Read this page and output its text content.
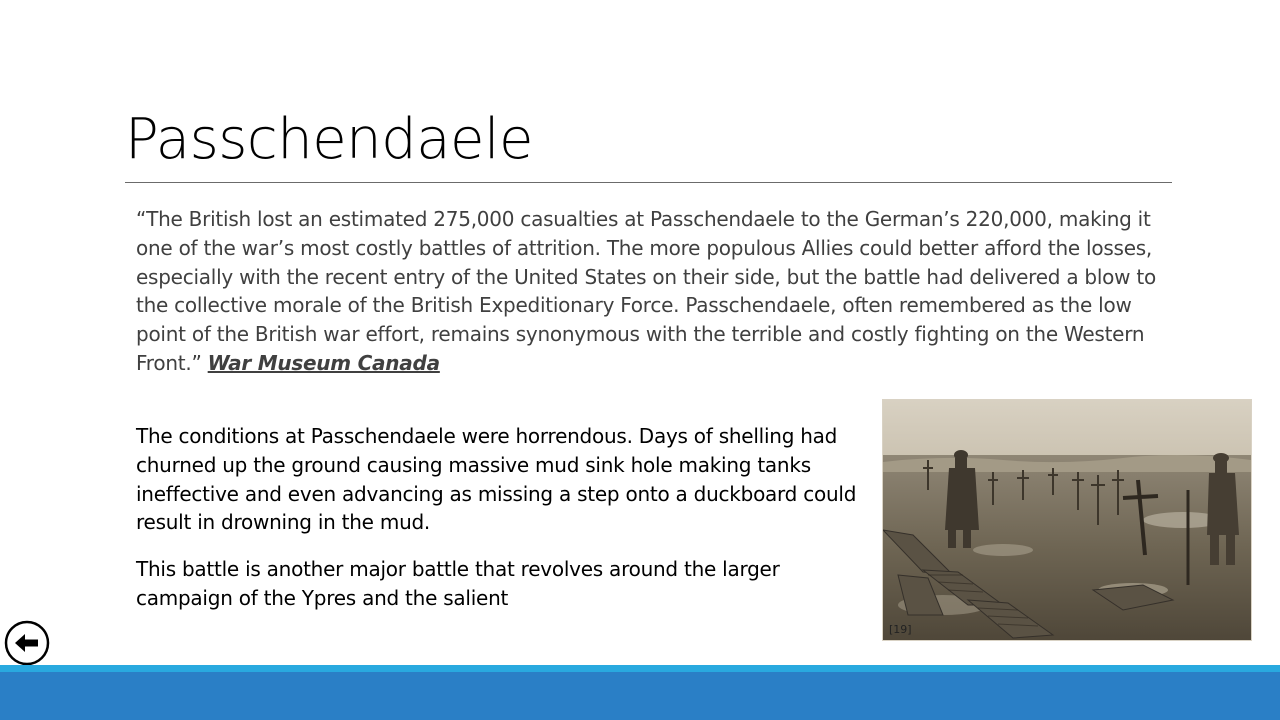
Passchendaele
“The British lost an estimated 275,000 casualties at Passchendaele to the German’s 220,000, making it one of the war’s most costly battles of attrition. The more populous Allies could better afford the losses, especially with the recent entry of the United States on their side, but the battle had delivered a blow to the collective morale of the British Expeditionary Force. Passchendaele, often remembered as the low point of the British war effort, remains synonymous with the terrible and costly fighting on the Western Front.” War Museum Canada

The conditions at Passchendaele were horrendous. Days of shelling had churned up the ground causing massive mud sink hole making tanks ineffective and even advancing as missing a step onto a duckboard could result in drowning in the mud.

This battle is another major battle that revolves around the larger campaign of the Ypres and the salient

[19]
